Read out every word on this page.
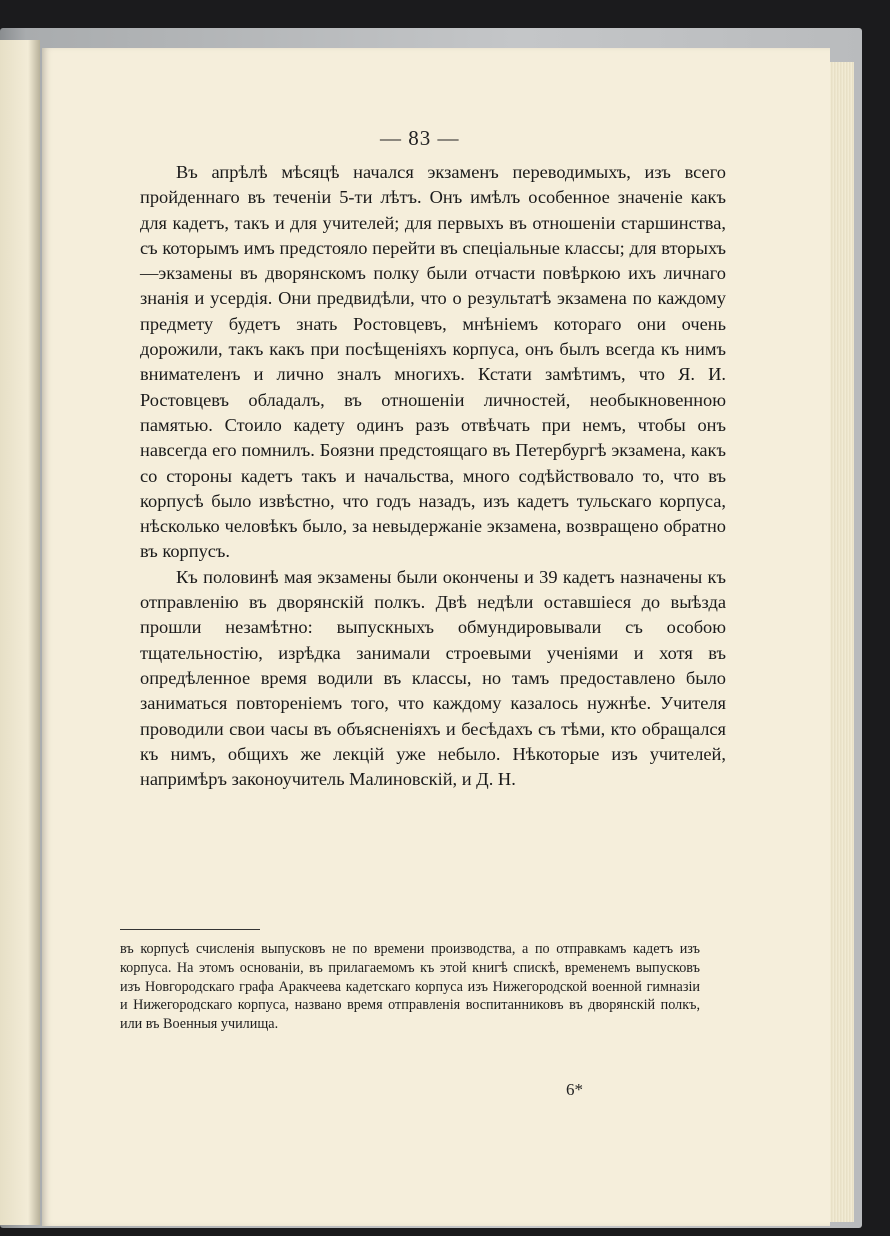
— 83 —

Въ апрѣлѣ мѣсяцѣ начался экзаменъ переводимыхъ, изъ всего пройденнаго въ теченіи 5-ти лѣтъ. Онъ имѣлъ особенное значеніе какъ для кадетъ, такъ и для учителей; для первыхъ въ отношеніи старшинства, съ которымъ имъ предстояло перейти въ спеціальные классы; для вторыхъ—экзамены въ дворянскомъ полку были отчасти повѣркою ихъ личнаго знанія и усердія. Они предвидѣли, что о результатѣ экзамена по каждому предмету будетъ знать Ростовцевъ, мнѣніемъ котораго они очень дорожили, такъ какъ при посѣщеніяхъ корпуса, онъ былъ всегда къ нимъ внимателенъ и лично зналъ многихъ. Кстати замѣтимъ, что Я. И. Ростовцевъ обладалъ, въ отношеніи личностей, необыкновенною памятью. Стоило кадету одинъ разъ отвѣчать при немъ, чтобы онъ навсегда его помнилъ. Боязни предстоящаго въ Петербургѣ экзамена, какъ со стороны кадетъ такъ и начальства, много содѣйствовало то, что въ корпусѣ было извѣстно, что годъ назадъ, изъ кадетъ тульскаго корпуса, нѣсколько человѣкъ было, за невыдержаніе экзамена, возвращено обратно въ корпусъ.

Къ половинѣ мая экзамены были окончены и 39 кадетъ назначены къ отправленію въ дворянскій полкъ. Двѣ недѣли оставшіеся до выѣзда прошли незамѣтно: выпускныхъ обмундировывали съ особою тщательностію, изрѣдка занимали строевыми ученіями и хотя въ опредѣленное время водили въ классы, но тамъ предоставлено было заниматься повтореніемъ того, что каждому казалось нужнѣе. Учителя проводили свои часы въ объясненіяхъ и бесѣдахъ съ тѣми, кто обращался къ нимъ, общихъ же лекцій уже небыло. Нѣкоторые изъ учителей, напримѣръ законоучитель Малиновскій, и Д. Н.

въ корпусѣ счисленія выпусковъ не по времени производства, а по отправкамъ кадетъ изъ корпуса. На этомъ основаніи, въ прилагаемомъ къ этой книгѣ спискѣ, временемъ выпусковъ изъ Новгородскаго графа Аракчеева кадетскаго корпуса изъ Нижегородской военной гимназіи и Нижегородскаго корпуса, названо время отправленія воспитанниковъ въ дворянскій полкъ, или въ Военныя училища.

6*
